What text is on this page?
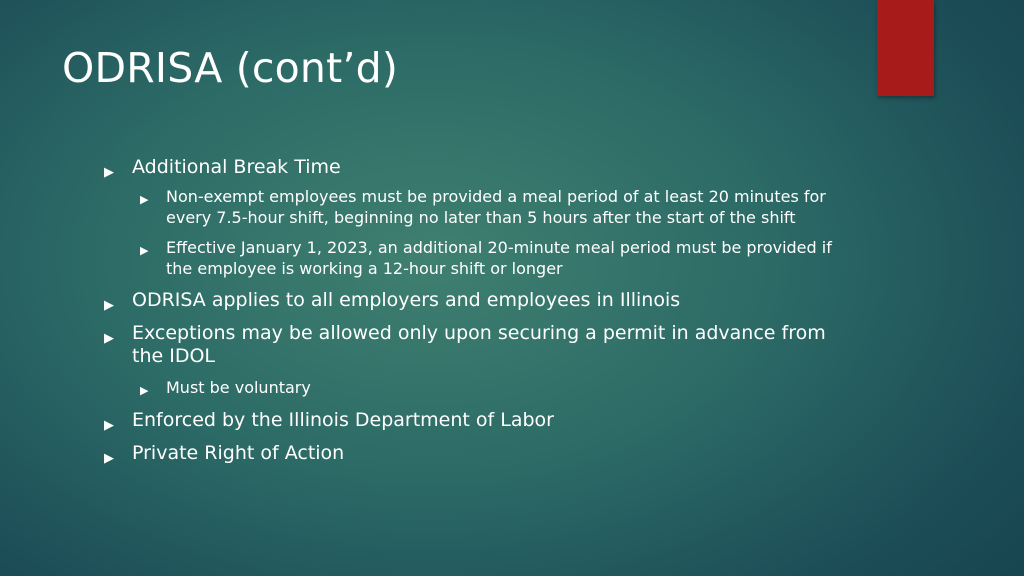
ODRISA (cont’d)
▶ Additional Break Time
▶ Non-exempt employees must be provided a meal period of at least 20 minutes for every 7.5-hour shift, beginning no later than 5 hours after the start of the shift
▶ Effective January 1, 2023, an additional 20-minute meal period must be provided if the employee is working a 12-hour shift or longer
▶ ODRISA applies to all employers and employees in Illinois
▶ Exceptions may be allowed only upon securing a permit in advance from the IDOL
▶ Must be voluntary
▶ Enforced by the Illinois Department of Labor
▶ Private Right of Action
